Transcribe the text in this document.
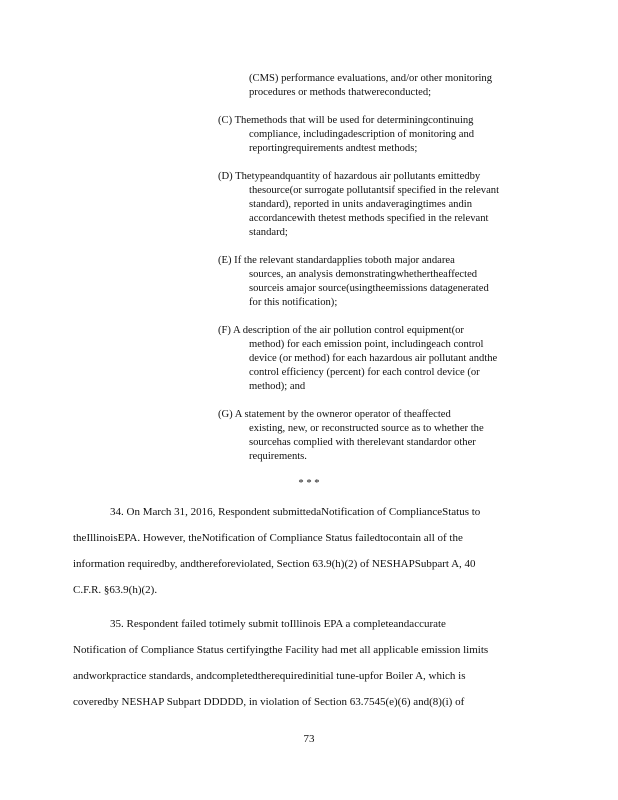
(CMS) performance evaluations, and/or other monitoring
procedures or methods thatwereconducted;
(C) Themethods that will be used for determiningcontinuing
compliance, includingadescription of monitoring and
reportingrequirements andtest methods;
(D) Thetypeandquantity of hazardous air pollutants emittedby
thesource(or surrogate pollutantsif specified in the relevant
standard), reported in units andaveragingtimes andin
accordancewith thetest methods specified in the relevant
standard;
(E) If the relevant standardapplies toboth major andarea
sources, an analysis demonstratingwhethertheaffected
sourceis amajor source(usingtheemissions datagenerated
for this notification);
(F) A description of the air pollution control equipment(or
method) for each emission point, includingeach control
device (or method) for each hazardous air pollutant andthe
control efficiency (percent) for each control device (or
method); and
(G) A statement by the owneror operator of theaffected
existing, new, or reconstructed source as to whether the
sourcehas complied with therelevant standardor other
requirements.
* * *
34. On March 31, 2016, Respondent submittedaNotification of ComplianceStatus to
theIllinoisEPA. However, theNotification of Compliance Status failedtocontain all of the
information requiredby, andthereforeviolated, Section 63.9(h)(2) of NESHAPSubpart A, 40
C.F.R. §63.9(h)(2).
35. Respondent failed totimely submit toIllinois EPA a completeandaccurate
Notification of Compliance Status certifyingthe Facility had met all applicable emission limits
andworkpractice standards, andcompletedtherequiredinitial tune-upfor Boiler A, which is
coveredby NESHAP Subpart DDDDD, in violation of Section 63.7545(e)(6) and(8)(i) of
73
